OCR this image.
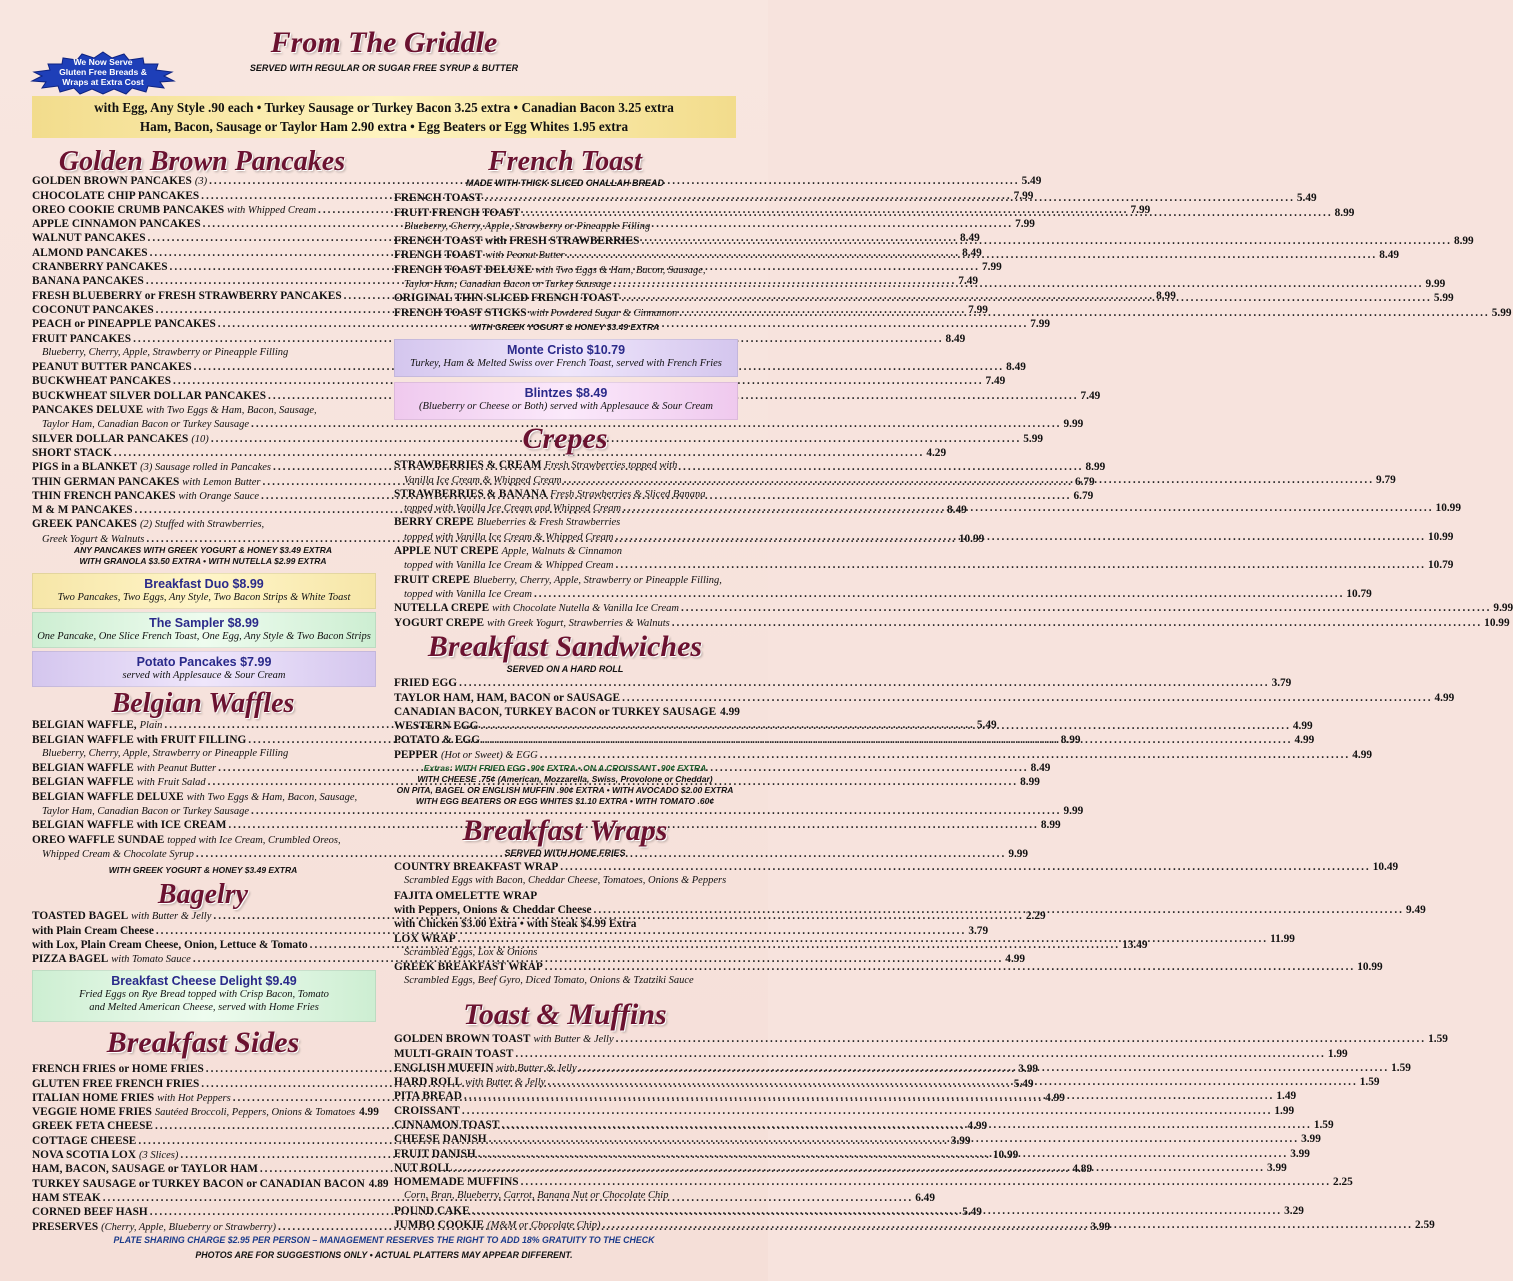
We Now Serve
Gluten Free Breads &
Wraps at Extra Cost
From The Griddle
SERVED WITH REGULAR OR SUGAR FREE SYRUP & BUTTER
with Egg, Any Style .90 each • Turkey Sausage or Turkey Bacon 3.25 extra • Canadian Bacon 3.25 extra
Ham, Bacon, Sausage or Taylor Ham 2.90 extra • Egg Beaters or Egg Whites 1.95 extra
Golden Brown Pancakes
GOLDEN BROWN PANCAKES (3) .....	5.49
CHOCOLATE CHIP PANCAKES .....	7.99
OREO COOKIE CRUMB PANCAKES with Whipped Cream .....	7.99
APPLE CINNAMON PANCAKES .....	7.99
WALNUT PANCAKES .....	8.49
ALMOND PANCAKES .....	8.49
CRANBERRY PANCAKES .....	7.99
BANANA PANCAKES .....	7.49
FRESH BLUEBERRY or FRESH STRAWBERRY PANCAKES .....	8.99
COCONUT PANCAKES .....	7.99
PEACH or PINEAPPLE PANCAKES .....	7.99
FRUIT PANCAKES .....	8.49
Blueberry, Cherry, Apple, Strawberry or Pineapple Filling
PEANUT BUTTER PANCAKES .....	8.49
BUCKWHEAT PANCAKES .....	7.49
BUCKWHEAT SILVER DOLLAR PANCAKES .....	7.49
PANCAKES DELUXE with Two Eggs & Ham, Bacon, Sausage,
Taylor Ham, Canadian Bacon or Turkey Sausage .....	9.99
SILVER DOLLAR PANCAKES (10) .....	5.99
SHORT STACK .....	4.29
PIGS in a BLANKET (3) Sausage rolled in Pancakes .....	8.99
THIN GERMAN PANCAKES with Lemon Butter .....	6.79
THIN FRENCH PANCAKES with Orange Sauce .....	6.79
M & M PANCAKES .....	8.49
GREEK PANCAKES (2) Stuffed with Strawberries,
Greek Yogurt & Walnuts .....	10.99
ANY PANCAKES WITH GREEK YOGURT & HONEY $3.49 EXTRA
WITH GRANOLA $3.50 EXTRA • WITH NUTELLA $2.99 EXTRA
Breakfast Duo $8.99
Two Pancakes, Two Eggs, Any Style, Two Bacon Strips & White Toast
The Sampler $8.99
One Pancake, One Slice French Toast, One Egg, Any Style & Two Bacon Strips
Potato Pancakes $7.99
served with Applesauce & Sour Cream
Belgian Waffles
BELGIAN WAFFLE, Plain .....	5.49
BELGIAN WAFFLE with FRUIT FILLING .....	8.99
Blueberry, Cherry, Apple, Strawberry or Pineapple Filling
BELGIAN WAFFLE with Peanut Butter .....	8.49
BELGIAN WAFFLE with Fruit Salad .....	8.99
BELGIAN WAFFLE DELUXE with Two Eggs & Ham, Bacon, Sausage,
Taylor Ham, Canadian Bacon or Turkey Sausage .....	9.99
BELGIAN WAFFLE with ICE CREAM .....	8.99
OREO WAFFLE SUNDAE topped with Ice Cream, Crumbled Oreos,
Whipped Cream & Chocolate Syrup .....	9.99
WITH GREEK YOGURT & HONEY $3.49 EXTRA
Bagelry
TOASTED BAGEL with Butter & Jelly .....	2.29
with Plain Cream Cheese .....	3.79
with Lox, Plain Cream Cheese, Onion, Lettuce & Tomato .....	13.49
PIZZA BAGEL with Tomato Sauce .....	4.99
Breakfast Cheese Delight $9.49
Fried Eggs on Rye Bread topped with Crisp Bacon, Tomato
and Melted American Cheese, served with Home Fries
Breakfast Sides
FRENCH FRIES or HOME FRIES .....	3.99
GLUTEN FREE FRENCH FRIES .....	5.49
ITALIAN HOME FRIES with Hot Peppers .....	4.99
VEGGIE HOME FRIES Sautéed Broccoli, Peppers, Onions & Tomatoes 4.99
GREEK FETA CHEESE .....	4.99
COTTAGE CHEESE .....	3.99
NOVA SCOTIA LOX (3 Slices) .....	10.99
HAM, BACON, SAUSAGE or TAYLOR HAM .....	4.89
TURKEY SAUSAGE or TURKEY BACON or CANADIAN BACON 4.89
HAM STEAK .....	6.49
CORNED BEEF HASH .....	5.49
PRESERVES (Cherry, Apple, Blueberry or Strawberry) .....	3.99
French Toast
MADE WITH THICK SLICED CHALLAH BREAD
FRENCH TOAST .....	5.49
FRUIT FRENCH TOAST .....	8.99
Blueberry, Cherry, Apple, Strawberry or Pineapple Filling
FRENCH TOAST with FRESH STRAWBERRIES .....	8.99
FRENCH TOAST with Peanut Butter .....	8.49
FRENCH TOAST DELUXE with Two Eggs & Ham, Bacon, Sausage,
Taylor Ham, Canadian Bacon or Turkey Sausage .....	9.99
ORIGINAL THIN SLICED FRENCH TOAST .....	5.99
FRENCH TOAST STICKS with Powdered Sugar & Cinnamon .....	5.99
WITH GREEK YOGURT & HONEY $3.49 EXTRA
Monte Cristo $10.79
Turkey, Ham & Melted Swiss over French Toast, served with French Fries
Blintzes $8.49
(Blueberry or Cheese or Both) served with Applesauce & Sour Cream
Crepes
STRAWBERRIES & CREAM Fresh Strawberries topped with
Vanilla Ice Cream & Whipped Cream .....	9.79
STRAWBERRIES & BANANA Fresh Strawberries & Sliced Banana
topped with Vanilla Ice Cream and Whipped Cream .....	10.99
BERRY CREPE Blueberries & Fresh Strawberries
topped with Vanilla Ice Cream & Whipped Cream .....	10.99
APPLE NUT CREPE Apple, Walnuts & Cinnamon
topped with Vanilla Ice Cream & Whipped Cream .....	10.79
FRUIT CREPE Blueberry, Cherry, Apple, Strawberry or Pineapple Filling,
topped with Vanilla Ice Cream .....	10.79
NUTELLA CREPE with Chocolate Nutella & Vanilla Ice Cream .....	9.99
YOGURT CREPE with Greek Yogurt, Strawberries & Walnuts .....	10.99
Breakfast Sandwiches
SERVED ON A HARD ROLL
FRIED EGG .....	3.79
TAYLOR HAM, HAM, BACON or SAUSAGE .....	4.99
CANADIAN BACON, TURKEY BACON or TURKEY SAUSAGE 4.99
WESTERN EGG .....	4.99
POTATO & EGG .....	4.99
PEPPER (Hot or Sweet) & EGG .....	4.99
Extras: WITH FRIED EGG .90¢ EXTRA • ON A CROISSANT .90¢ EXTRA
WITH CHEESE .75¢ (American, Mozzarella, Swiss, Provolone or Cheddar)
ON PITA, BAGEL OR ENGLISH MUFFIN .90¢ EXTRA • WITH AVOCADO $2.00 EXTRA
WITH EGG BEATERS OR EGG WHITES $1.10 EXTRA • WITH TOMATO .60¢
Breakfast Wraps
SERVED WITH HOME FRIES
COUNTRY BREAKFAST WRAP .....	10.49
Scrambled Eggs with Bacon, Cheddar Cheese, Tomatoes, Onions & Peppers
FAJITA OMELETTE WRAP
with Peppers, Onions & Cheddar Cheese .....	9.49
with Chicken $3.00 Extra • with Steak $4.99 Extra
LOX WRAP .....	11.99
Scrambled Eggs, Lox & Onions
GREEK BREAKFAST WRAP .....	10.99
Scrambled Eggs, Beef Gyro, Diced Tomato, Onions & Tzatziki Sauce
Toast & Muffins
GOLDEN BROWN TOAST with Butter & Jelly .....	1.59
MULTI-GRAIN TOAST .....	1.99
ENGLISH MUFFIN with Butter & Jelly .....	1.59
HARD ROLL with Butter & Jelly .....	1.59
PITA BREAD .....	1.49
CROISSANT .....	1.99
CINNAMON TOAST .....	1.59
CHEESE DANISH .....	3.99
FRUIT DANISH .....	3.99
NUT ROLL .....	3.99
HOMEMADE MUFFINS .....	2.25
Corn, Bran, Blueberry, Carrot, Banana Nut or Chocolate Chip
POUND CAKE .....	3.29
JUMBO COOKIE (M&M or Chocolate Chip) .....	2.59
PLATE SHARING CHARGE $2.95 PER PERSON – MANAGEMENT RESERVES THE RIGHT TO ADD 18% GRATUITY TO THE CHECK
PHOTOS ARE FOR SUGGESTIONS ONLY • ACTUAL PLATTERS MAY APPEAR DIFFERENT.
